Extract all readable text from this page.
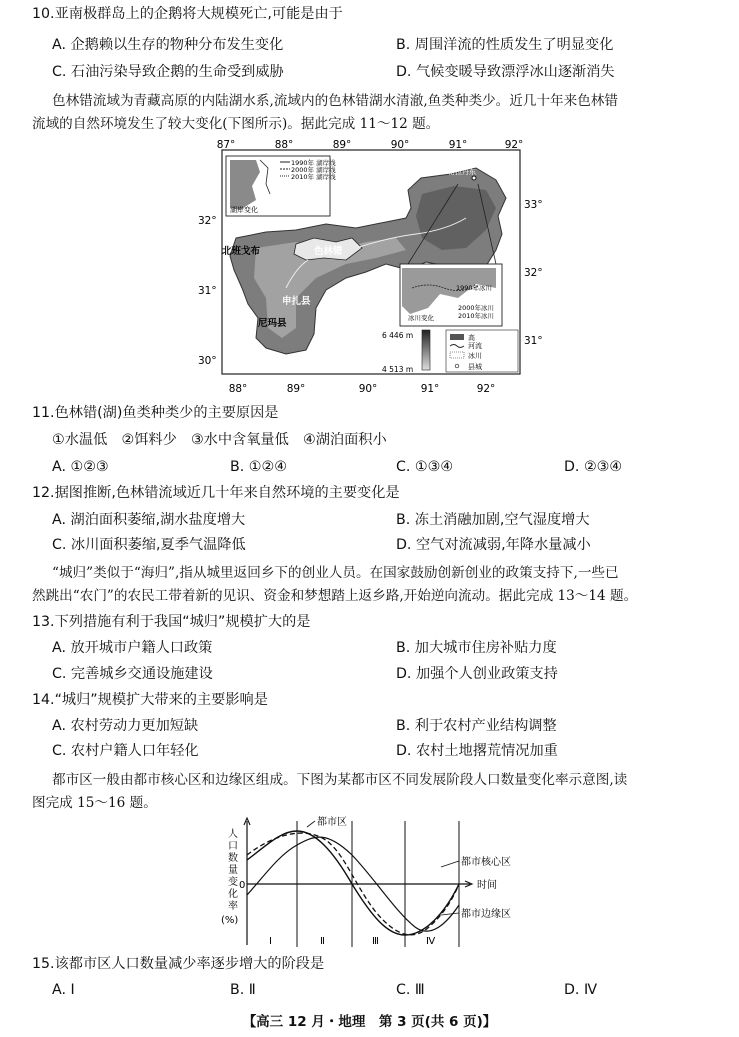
10.亚南极群岛上的企鹅将大规模死亡,可能是由于
A. 企鹅赖以生存的物种分布发生变化	B. 周围洋流的性质发生了明显变化
C. 石油污染导致企鹅的生命受到威胁	D. 气候变暖导致漂浮冰山逐渐消失
色林错流域为青藏高原的内陆湖水系,流域内的色林错湖水清澈,鱼类种类少。近几十年来色林错
流域的自然环境发生了较大变化(下图所示)。据此完成 11～12 题。
87°	88°	89°	90°	91°	92°
88°	89°	90°	91°	92°
32°
31°
30°
33°
32°
31°
1990年 湖岸线
2000年 湖岸线
2010年 湖岸线
湖岸变化
1990年冰川
2000年冰川
2010年冰川
冰川变化
格拉丹东
北班戈布	色林错
申扎县
尼玛县
6 446 m
4 513 m
高
河流
冰川
县城
11.色林错(湖)鱼类种类少的主要原因是
①水温低　②饵料少　③水中含氧量低　④湖泊面积小
A. ①②③	B. ①②④	C. ①③④	D. ②③④
12.据图推断,色林错流域近几十年来自然环境的主要变化是
A. 湖泊面积萎缩,湖水盐度增大	B. 冻土消融加剧,空气湿度增大
C. 冰川面积萎缩,夏季气温降低	D. 空气对流减弱,年降水量减小
“城归”类似于“海归”,指从城里返回乡下的创业人员。在国家鼓励创新创业的政策支持下,一些已
然跳出“农门”的农民工带着新的见识、资金和梦想踏上返乡路,开始逆向流动。据此完成 13～14 题。
13.下列措施有利于我国“城归”规模扩大的是
A. 放开城市户籍人口政策	B. 加大城市住房补贴力度
C. 完善城乡交通设施建设	D. 加强个人创业政策支持
14.“城归”规模扩大带来的主要影响是
A. 农村劳动力更加短缺	B. 利于农村产业结构调整
C. 农村户籍人口年轻化	D. 农村土地撂荒情况加重
都市区一般由都市核心区和边缘区组成。下图为某都市区不同发展阶段人口数量变化率示意图,读
图完成 15～16 题。
时间
0
人口数量变化率(%)
Ⅰ	Ⅱ	Ⅲ	Ⅳ
都市区
都市核心区
都市边缘区
15.该都市区人口数量减少率逐步增大的阶段是
A. Ⅰ	B. Ⅱ	C. Ⅲ	D. Ⅳ
【高三 12 月・地理　第 3 页(共 6 页)】
